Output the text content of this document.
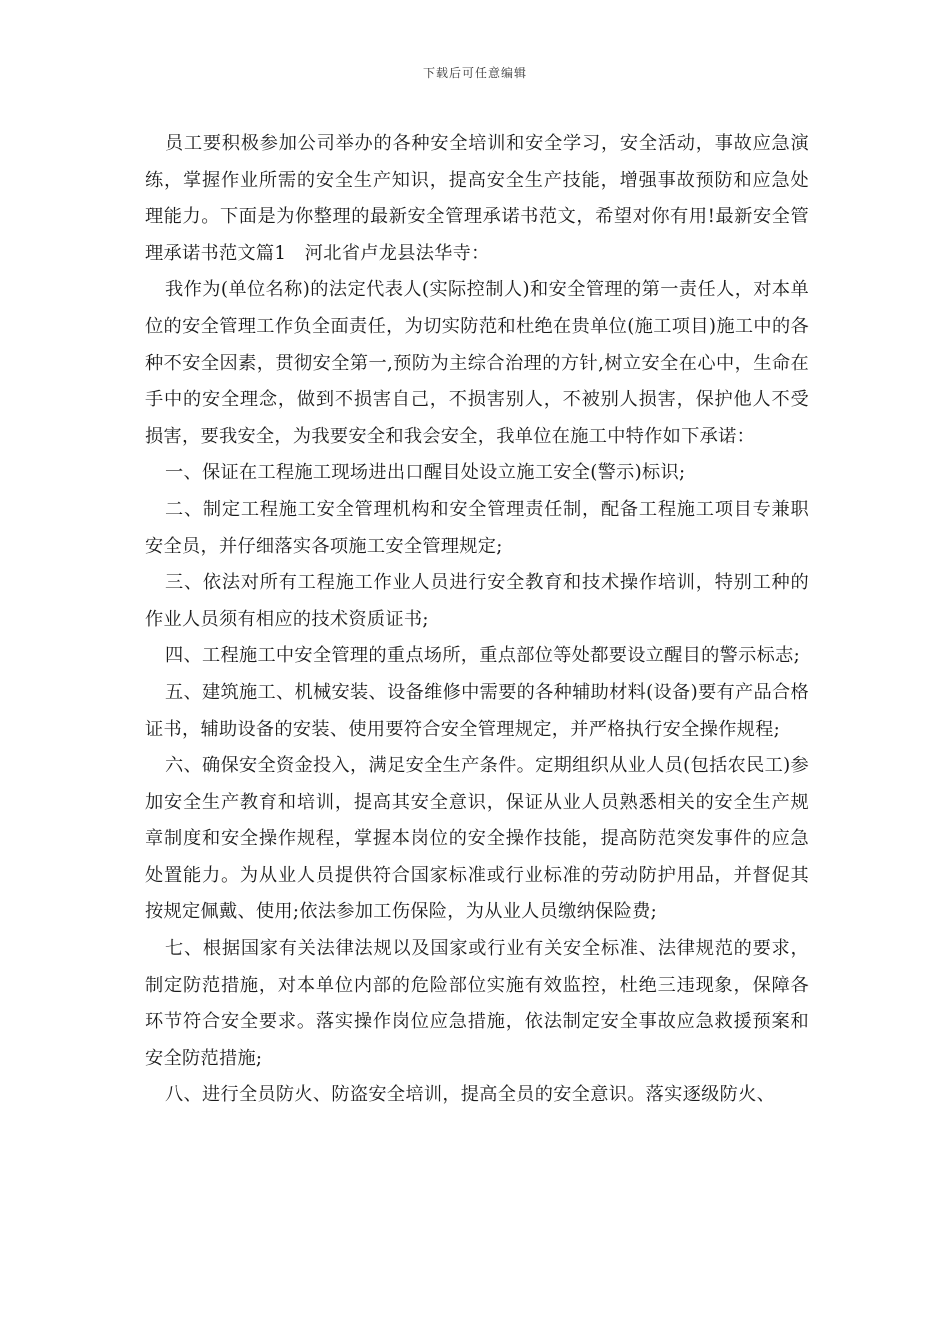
下载后可任意编辑

员工要积极参加公司举办的各种安全培训和安全学习，安全活动，事故应急演练，掌握作业所需的安全生产知识，提高安全生产技能，增强事故预防和应急处理能力。下面是为你整理的最新安全管理承诺书范文，希望对你有用!最新安全管理承诺书范文篇1　河北省卢龙县法华寺：

我作为(单位名称)的法定代表人(实际控制人)和安全管理的第一责任人，对本单位的安全管理工作负全面责任，为切实防范和杜绝在贵单位(施工项目)施工中的各种不安全因素，贯彻安全第一,预防为主综合治理的方针,树立安全在心中，生命在手中的安全理念，做到不损害自己，不损害别人，不被别人损害，保护他人不受损害，要我安全，为我要安全和我会安全，我单位在施工中特作如下承诺：

一、保证在工程施工现场进出口醒目处设立施工安全(警示)标识;

二、制定工程施工安全管理机构和安全管理责任制，配备工程施工项目专兼职安全员，并仔细落实各项施工安全管理规定;

三、依法对所有工程施工作业人员进行安全教育和技术操作培训，特别工种的作业人员须有相应的技术资质证书;

四、工程施工中安全管理的重点场所，重点部位等处都要设立醒目的警示标志;

五、建筑施工、机械安装、设备维修中需要的各种辅助材料(设备)要有产品合格证书，辅助设备的安装、使用要符合安全管理规定，并严格执行安全操作规程;

六、确保安全资金投入，满足安全生产条件。定期组织从业人员(包括农民工)参加安全生产教育和培训，提高其安全意识，保证从业人员熟悉相关的安全生产规章制度和安全操作规程，掌握本岗位的安全操作技能，提高防范突发事件的应急处置能力。为从业人员提供符合国家标准或行业标准的劳动防护用品，并督促其按规定佩戴、使用;依法参加工伤保险，为从业人员缴纳保险费;

七、根据国家有关法律法规以及国家或行业有关安全标准、法律规范的要求，制定防范措施，对本单位内部的危险部位实施有效监控，杜绝三违现象，保障各环节符合安全要求。落实操作岗位应急措施，依法制定安全事故应急救援预案和安全防范措施;

八、进行全员防火、防盗安全培训，提高全员的安全意识。落实逐级防火、
